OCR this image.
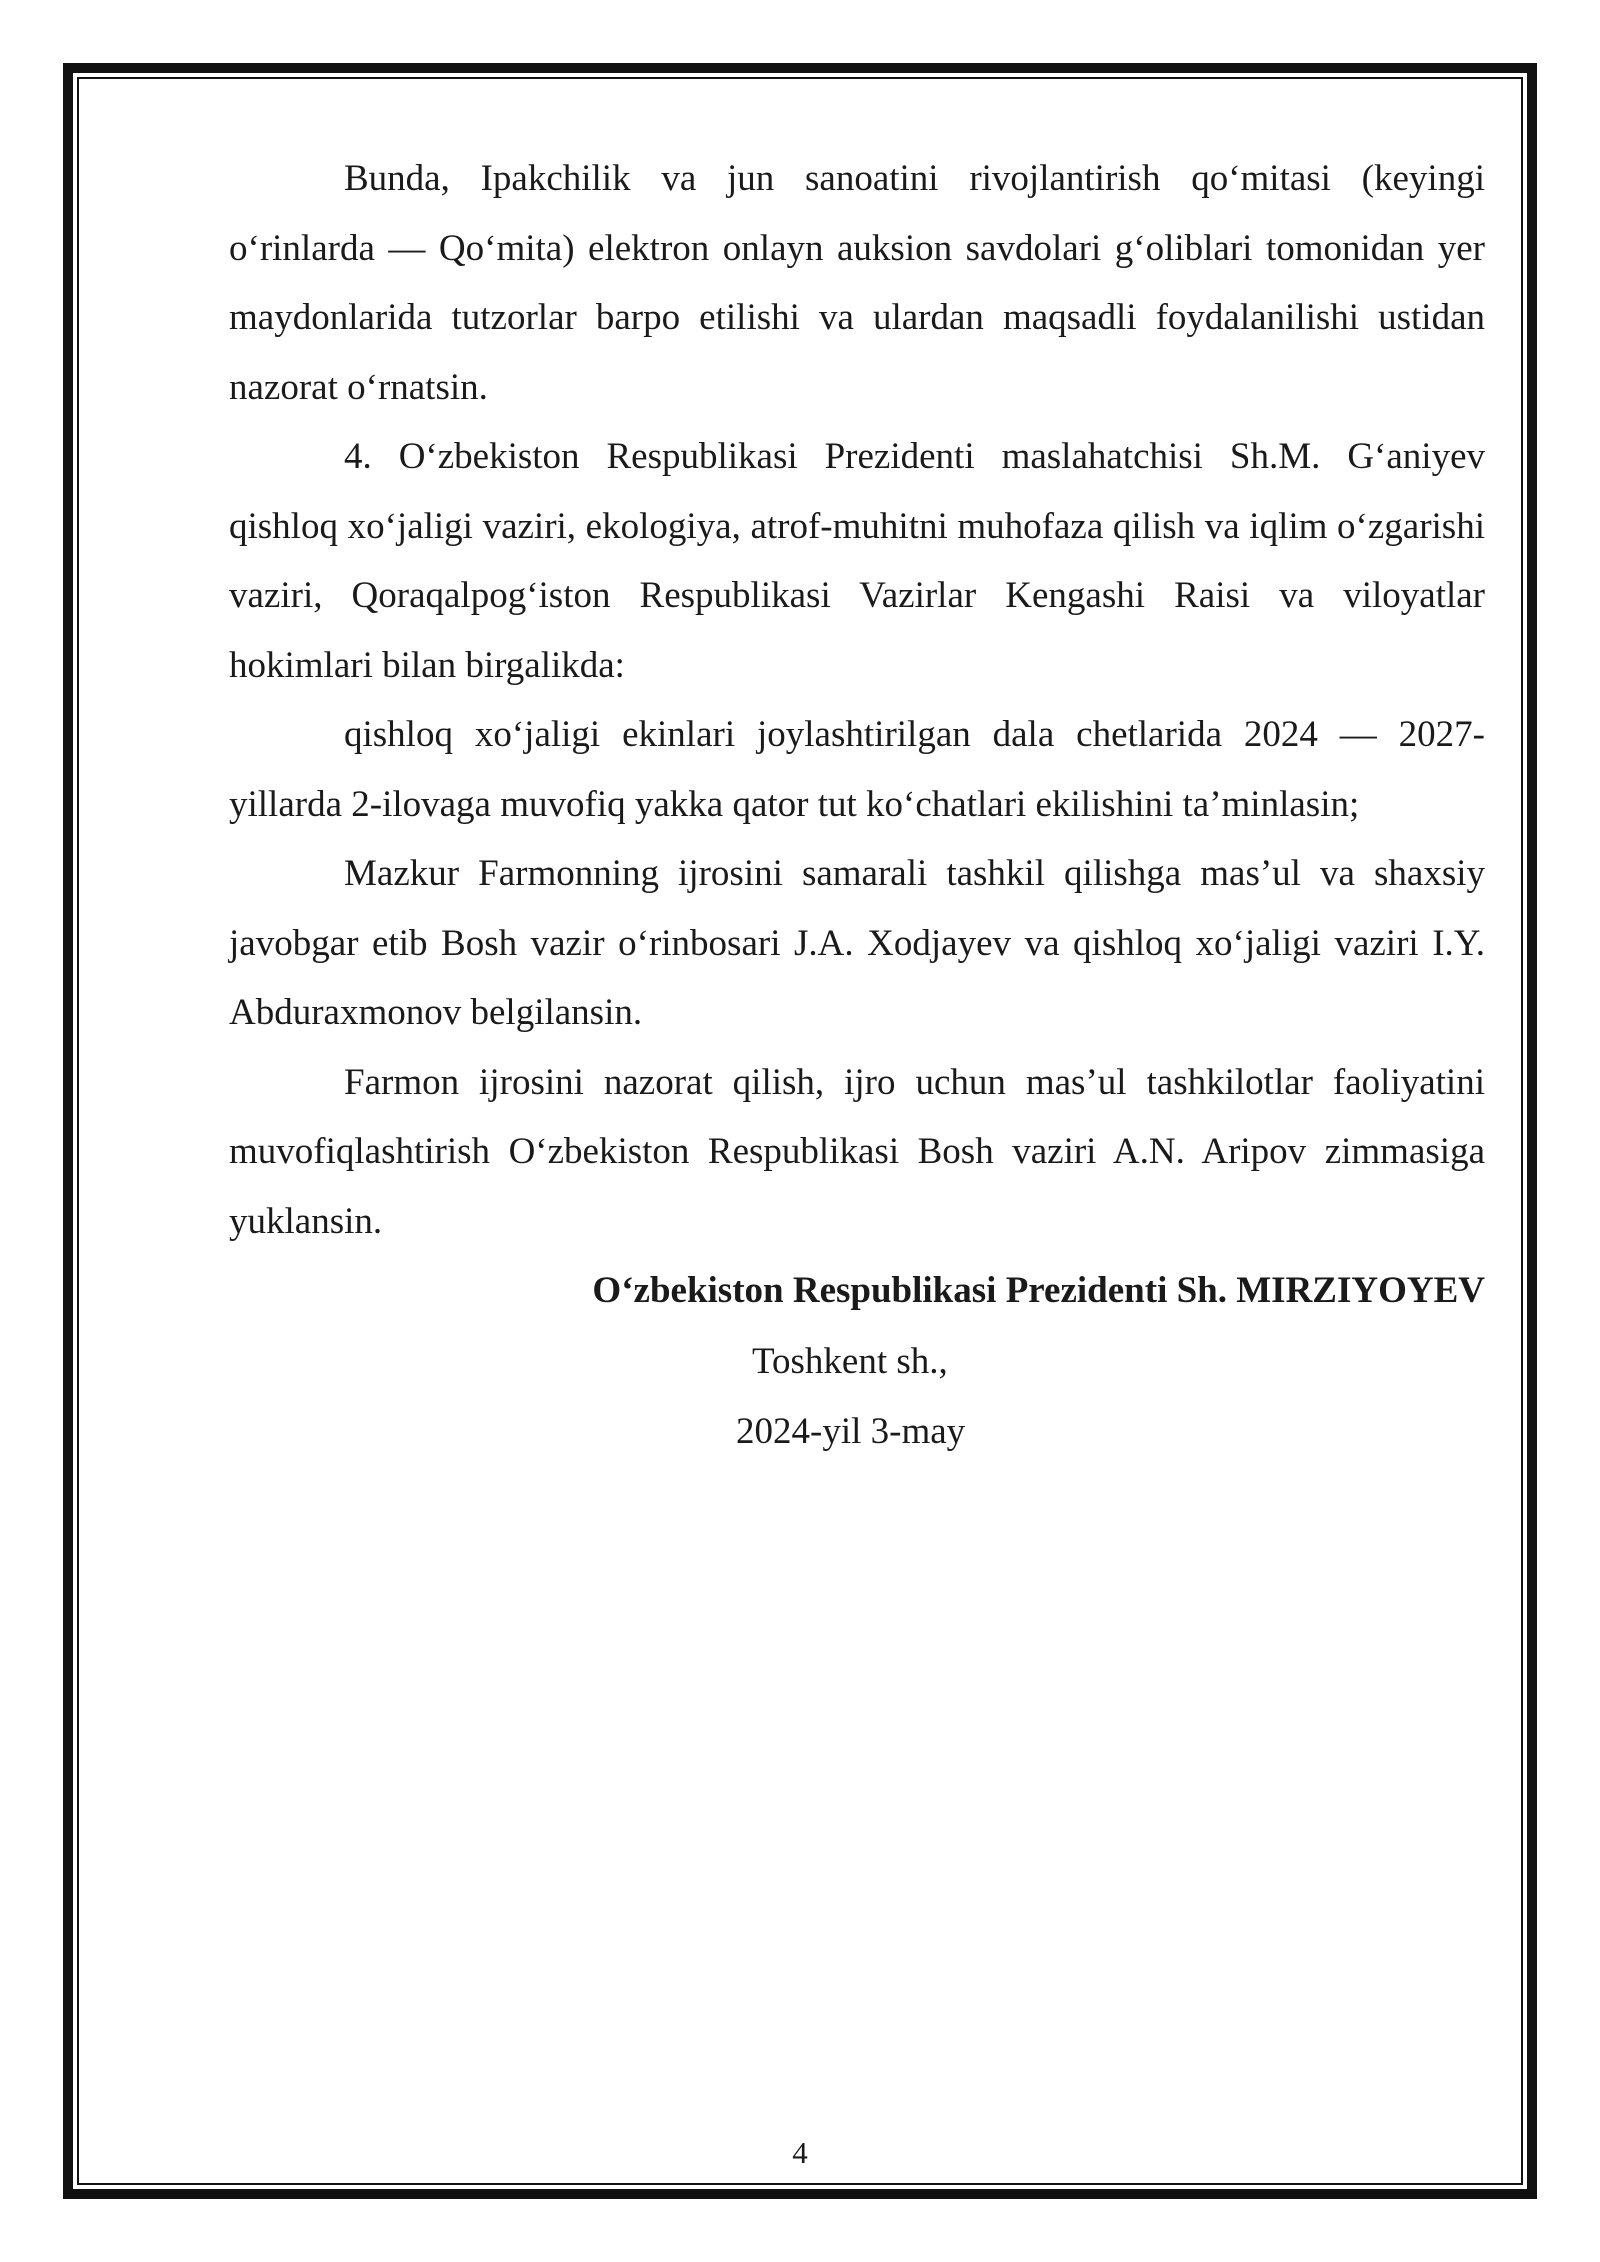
Bunda, Ipakchilik va jun sanoatini rivojlantirish qo‘mitasi (keyingi o‘rinlarda — Qo‘mita) elektron onlayn auksion savdolari g‘oliblari tomonidan yer maydonlarida tutzorlar barpo etilishi va ulardan maqsadli foydalanilishi ustidan nazorat o‘rnatsin.

4. O‘zbekiston Respublikasi Prezidenti maslahatchisi Sh.M. G‘aniyev qishloq xo‘jaligi vaziri, ekologiya, atrof-muhitni muhofaza qilish va iqlim o‘zgarishi vaziri, Qoraqalpog‘iston Respublikasi Vazirlar Kengashi Raisi va viloyatlar hokimlari bilan birgalikda:

qishloq xo‘jaligi ekinlari joylashtirilgan dala chetlarida 2024 — 2027-yillarda 2-ilovaga muvofiq yakka qator tut ko‘chatlari ekilishini ta’minlasin;

Mazkur Farmonning ijrosini samarali tashkil qilishga mas’ul va shaxsiy javobgar etib Bosh vazir o‘rinbosari J.A. Xodjayev va qishloq xo‘jaligi vaziri I.Y. Abduraxmonov belgilansin.

Farmon ijrosini nazorat qilish, ijro uchun mas’ul tashkilotlar faoliyatini muvofiqlashtirish O‘zbekiston Respublikasi Bosh vaziri A.N. Aripov zimmasiga yuklansin.

O‘zbekiston Respublikasi Prezidenti Sh. MIRZIYOYEV

Toshkent sh.,

2024-yil 3-may

4
